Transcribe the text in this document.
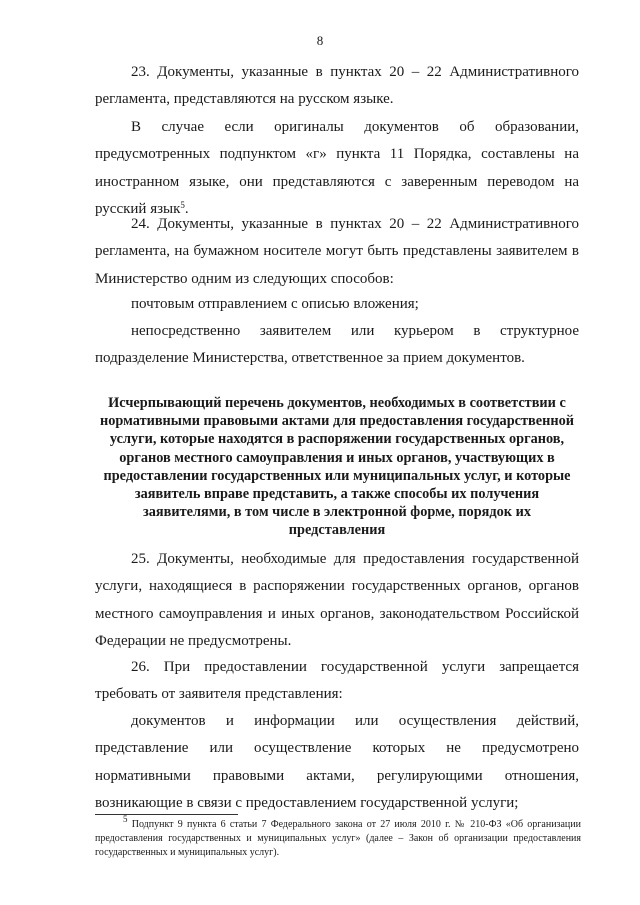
8

23. Документы, указанные в пунктах 20 – 22 Административного регламента, представляются на русском языке.

В случае если оригиналы документов об образовании, предусмотренных подпунктом «г» пункта 11 Порядка, составлены на иностранном языке, они представляются с заверенным переводом на русский язык$^5$.

24. Документы, указанные в пунктах 20 – 22 Административного регламента, на бумажном носителе могут быть представлены заявителем в Министерство одним из следующих способов:

почтовым отправлением с описью вложения;

непосредственно заявителем или курьером в структурное подразделение Министерства, ответственное за прием документов.

Исчерпывающий перечень документов, необходимых в соответствии с нормативными правовыми актами для предоставления государственной услуги, которые находятся в распоряжении государственных органов, органов местного самоуправления и иных органов, участвующих в предоставлении государственных или муниципальных услуг, и которые заявитель вправе представить, а также способы их получения заявителями, в том числе в электронной форме, порядок их представления

25. Документы, необходимые для предоставления государственной услуги, находящиеся в распоряжении государственных органов, органов местного самоуправления и иных органов, законодательством Российской Федерации не предусмотрены.

26. При предоставлении государственной услуги запрещается требовать от заявителя представления:

документов и информации или осуществления действий, представление или осуществление которых не предусмотрено нормативными правовыми актами, регулирующими отношения, возникающие в связи с предоставлением государственной услуги;

$^5$ Подпункт 9 пункта 6 статьи 7 Федерального закона от 27 июля 2010 г. № 210-ФЗ «Об организации предоставления государственных и муниципальных услуг» (далее – Закон об организации предоставления государственных и муниципальных услуг).
